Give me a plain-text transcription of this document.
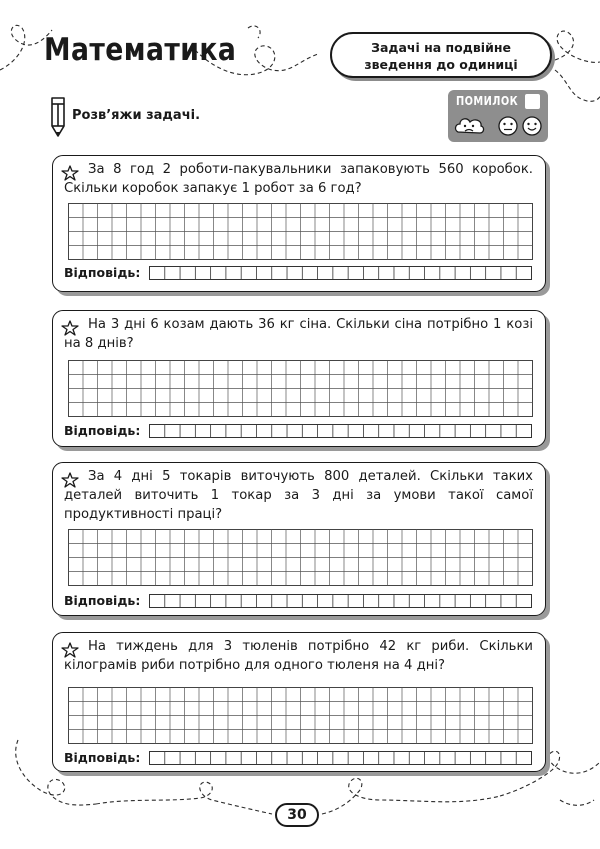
Математика	Задачі на подвійне
зведення до одиниці
Розв’яжи задачі.
ПОМИЛОК
За 8 год 2 роботи-пакувальники запаковують 560 коробок. Скільки коробок запакує 1 робот за 6 год?
Відповідь:
На 3 дні 6 козам дають 36 кг сіна. Скільки сіна потрібно 1 козі на 8 днів?
Відповідь:
За 4 дні 5 токарів виточують 800 деталей. Скільки таких деталей виточить 1 токар за 3 дні за умови такої самої продуктивності праці?
Відповідь:
На тиждень для 3 тюленів потрібно 42 кг риби. Скільки кілограмів риби потрібно для одного тюленя на 4 дні?
Відповідь:
30
